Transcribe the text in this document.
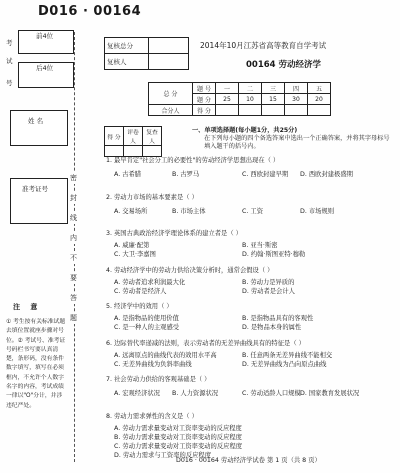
D016 · 00164
前4位
后4位
考
试
号
姓 名
准考证号
密
封
线
内
不
要
答
题
注 意
① 考生按有关标准试题去填位置就座步骤对号位。② 考试号、准考证号码栏书写要认真清楚，条形码，没有条件数字填写，填写在必须框内，不允许个人数字名字的内容，考试成绩一律以"O"分计，并涉违纪严处。
复核总分	
复核人	
2014年10月江苏省高等教育自学考试
00164 劳动经济学
总 分	题 号	一	二	三	四	五
	题 分	25	10	15	30	20
合分人	得 分					
得 分	评卷人	复查人

一、单项选择题(每小题1分，共25分)
在下列每小题的四个备选答案中选出一个正确答案，并将其字母标号填入题干的括号内。
1. 最早肯定"社会分工的必要性"的劳动经济学思想出现在（ ）
A. 古希腊	B. 古罗马	C. 西欧封建早期 D. 西欧封建极盛期
2. 劳动力市场的基本要素是（ ）
A. 交易场所	B. 市场主体	C. 工资	D. 市场规则
3. 英国古典政治经济学理论体系的建立者是（ ）
A. 威廉·配第	B. 亚当·斯密
C. 大卫·李嘉图	D. 约翰·斯图亚特·穆勒
4. 劳动经济学中的劳动力供给决策分析时，通常会假设（ ）
A. 劳动者追求利润最大化	B. 劳动力是异质的
C. 劳动者是经济人	D. 劳动者是会计人
5. 经济学中的效用（ ）
A. 是指物品的使用价值	B. 是指物品具有的客观性
C. 是一种人的主观感受	D. 是物品本身的属性
6. 边际替代率递减的法则，表示劳动者的无差异曲线具有的特征是（ ）
A. 远离原点的曲线代表的效用水平高	B. 任意两条无差异曲线不能相交
C. 无差异曲线为负斜率曲线	D. 无差异曲线为凸向原点曲线
7. 社会劳动力供给的客观基础是（ ）
A. 宏观经济状况 B. 人力资源状况	C. 劳动适龄人口规模 D. 国家教育发展状况
8. 劳动力需求弹性的含义是（ ）
A. 劳动力需求量变动对工资率变动的反应程度
B. 劳动力需求量变动对工资率变动的反应程度
C. 劳动力需求量变动对工资率变动的反应程度
D. 劳动力需求与工资率的反应程度
D016 · 00164 劳动经济学试卷 第 1 页（共 8 页）
